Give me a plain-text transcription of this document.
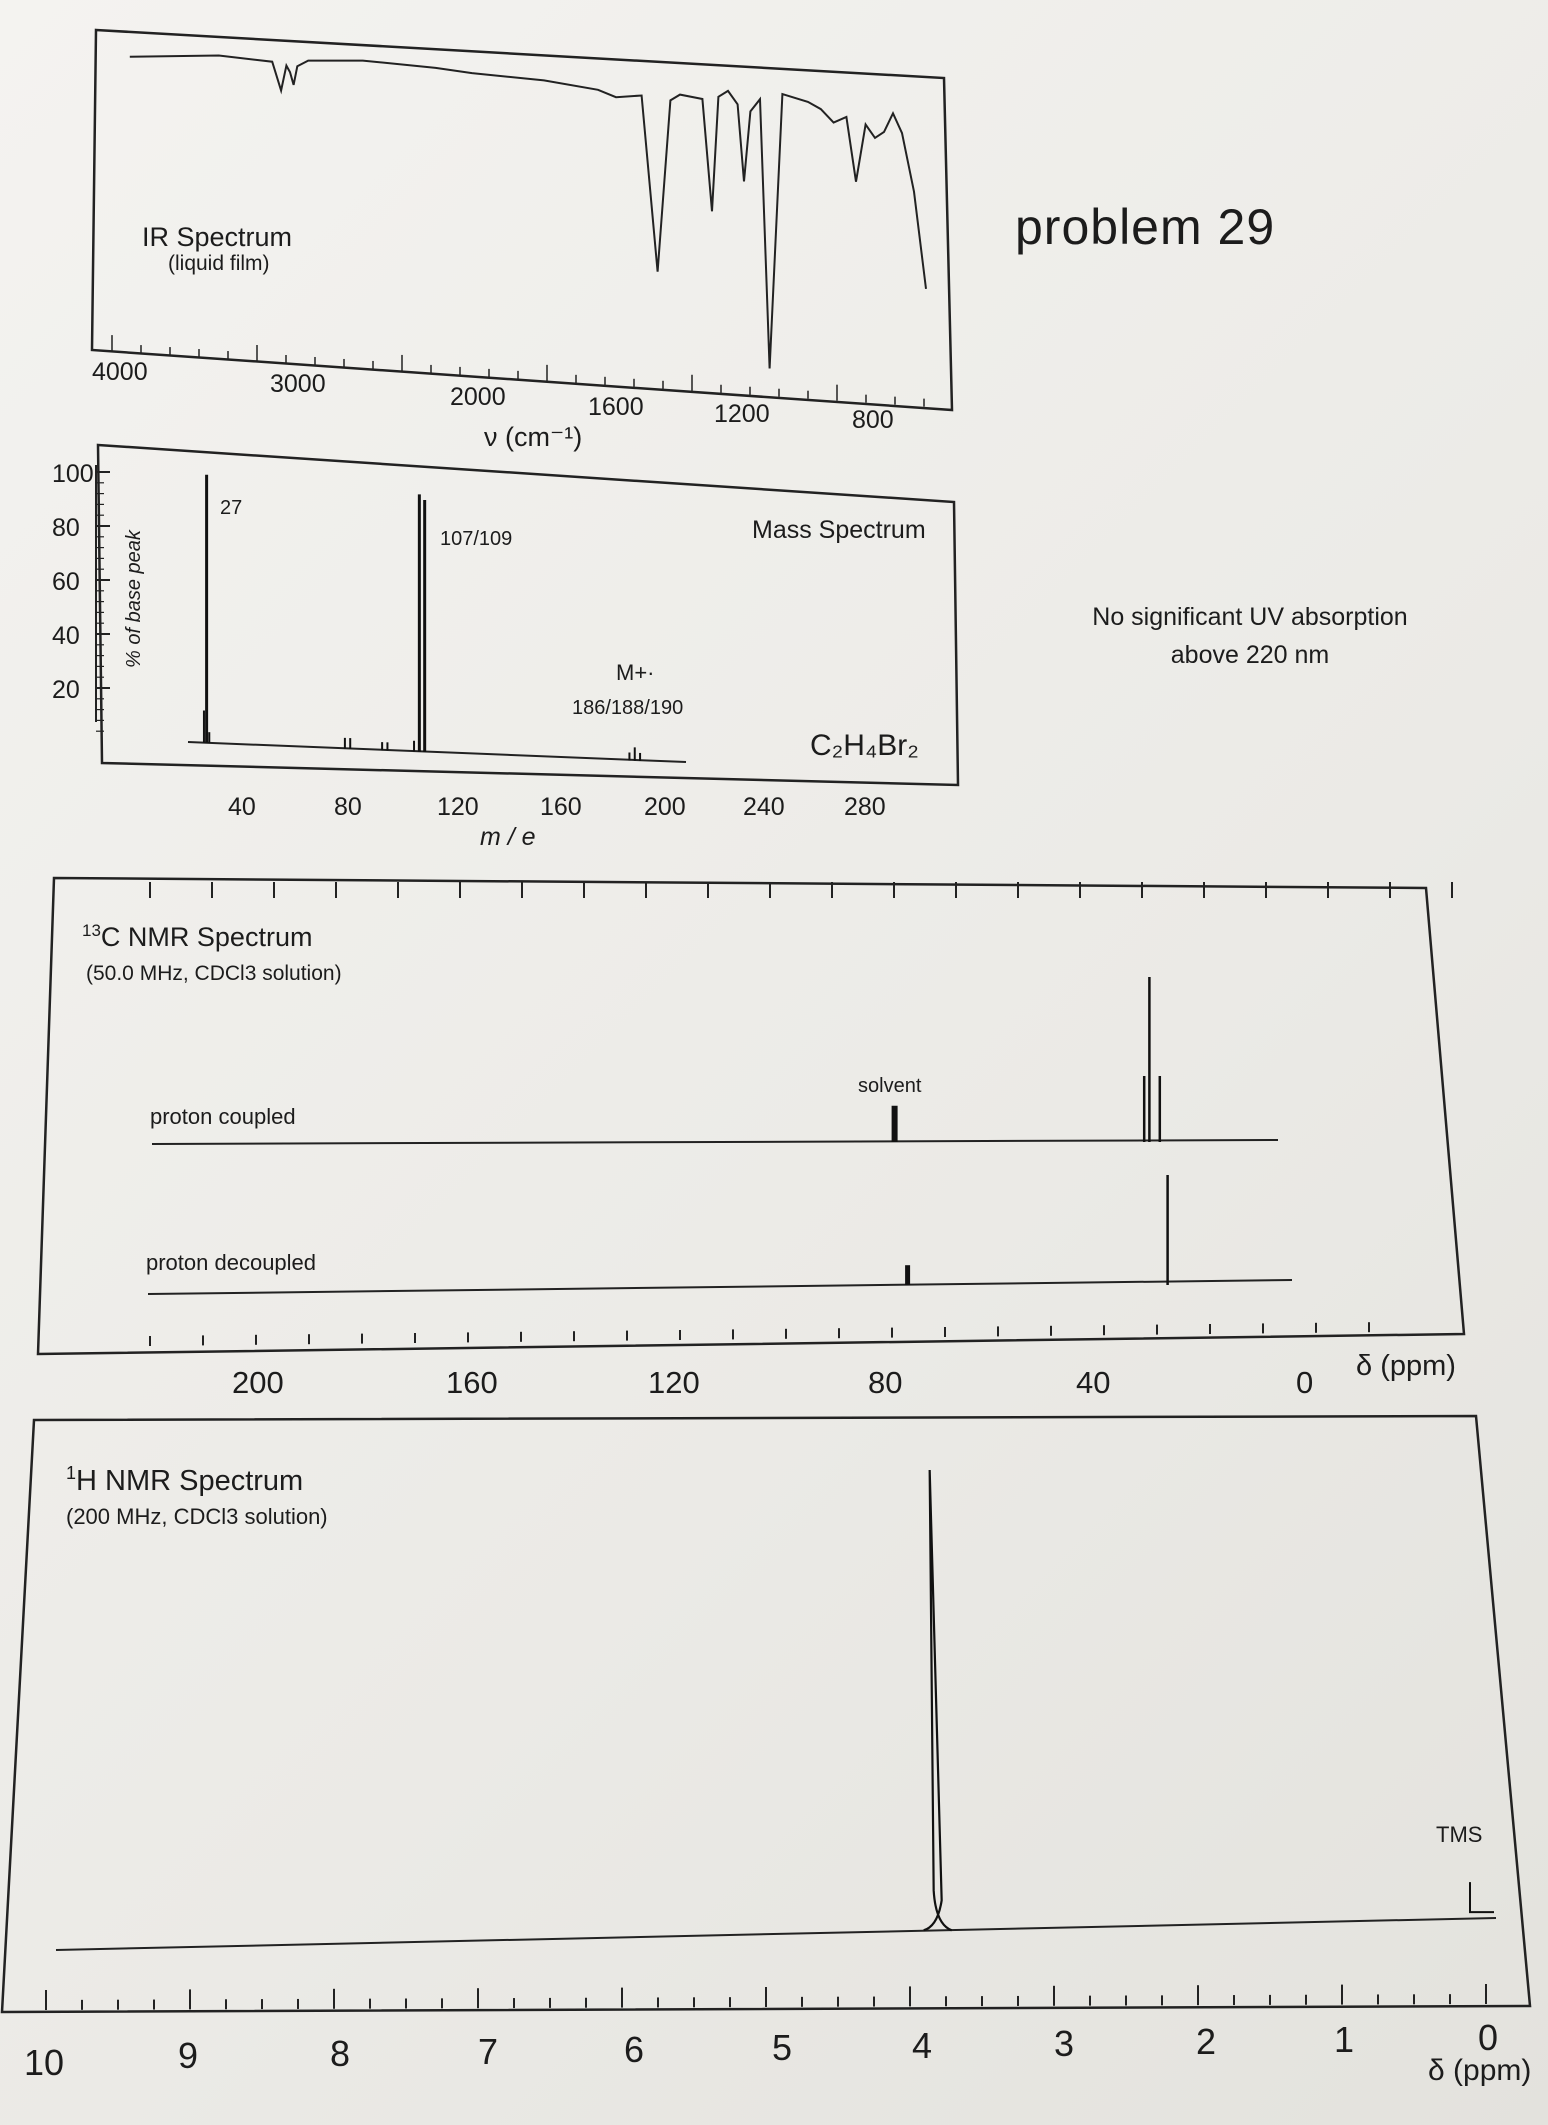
IR Spectrum
(liquid film)
4000	3000	2000	1600	1200	800
ν (cm⁻¹)
100
80
60
40
20
% of base peak
Mass Spectrum
C₂H₄Br₂
40	80	120 160 200 240 280
m / e
27
107/109
M+·
186/188/190
$^{13}$C NMR Spectrum
(50.0 MHz, CDCl3 solution)
proton coupled
solvent
proton decoupled
200	160	120	80	40	0 δ (ppm)
$^1$H NMR Spectrum
(200 MHz, CDCl3 solution)
TMS
10	9	8	7	6	5	4	3	2	1	0
δ (ppm)
problem 29
No significant UV absorption above 220 nm
